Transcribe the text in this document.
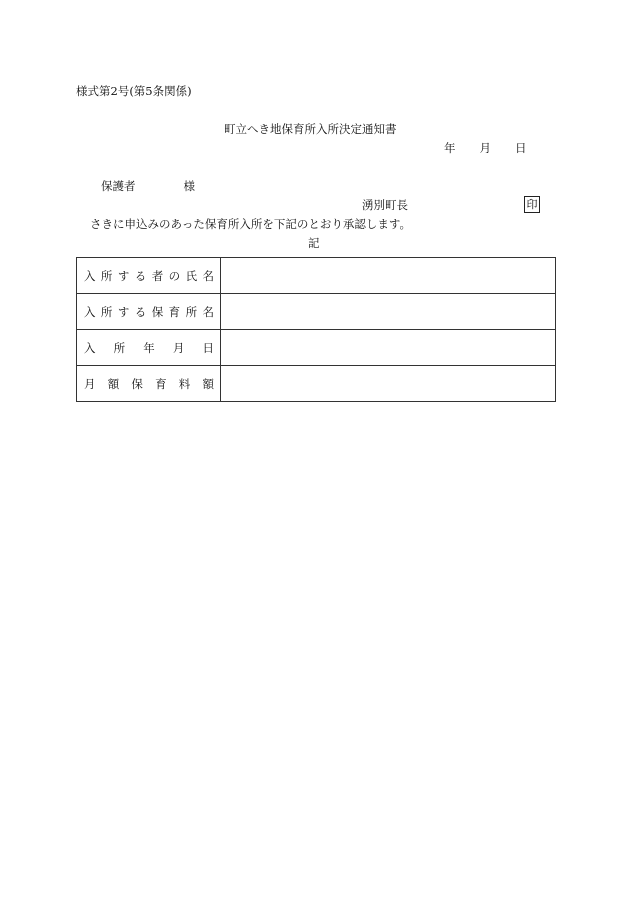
様式第2号(第5条関係)
町立へき地保育所入所決定通知書
年 月 日
保護者	様
湧別町長	印
さきに申込みのあった保育所入所を下記のとおり承認します。
記
入所する者の氏名	
入所する保育所名	
入所年月日	
月額保育料額	
